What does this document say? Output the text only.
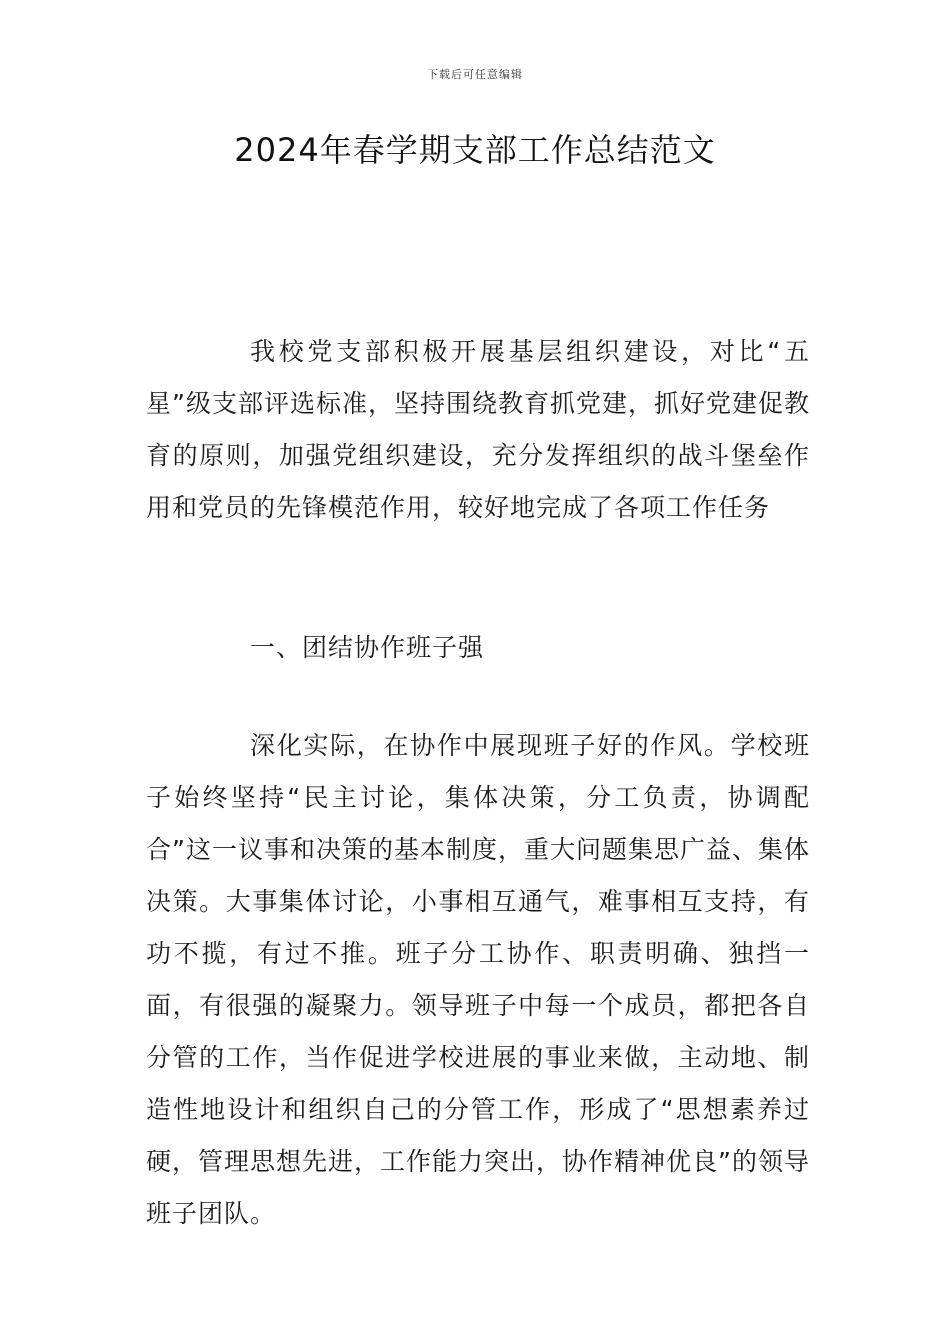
下载后可任意编辑
2024年春学期支部工作总结范文

我校党支部积极开展基层组织建设，对比“五星”级支部评选标准，坚持围绕教育抓党建，抓好党建促教育的原则，加强党组织建设，充分发挥组织的战斗堡垒作用和党员的先锋模范作用，较好地完成了各项工作任务

一、团结协作班子强

深化实际，在协作中展现班子好的作风。学校班子始终坚持“民主讨论，集体决策，分工负责，协调配合”这一议事和决策的基本制度，重大问题集思广益、集体决策。大事集体讨论，小事相互通气，难事相互支持，有功不揽，有过不推。班子分工协作、职责明确、独挡一面，有很强的凝聚力。领导班子中每一个成员，都把各自分管的工作，当作促进学校进展的事业来做，主动地、制造性地设计和组织自己的分管工作，形成了“思想素养过硬，管理思想先进，工作能力突出，协作精神优良”的领导班子团队。
